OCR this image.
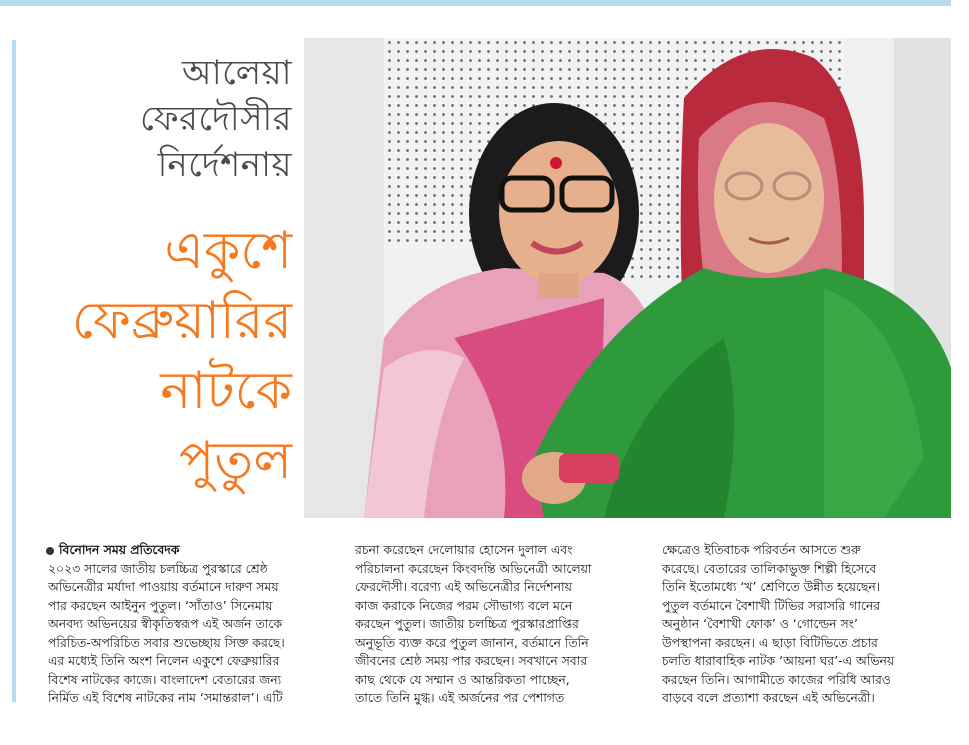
আলেয়া
ফেরদৌসীর
নির্দেশনায়
একুশে
ফেব্রুয়ারির
নাটকে
পুতুল

বিনোদন সময় প্রতিবেদক

২০২৩ সালের জাতীয় চলচ্চিত্র পুরস্কারে শ্রেষ্ঠ

অভিনেত্রীর মর্যাদা পাওয়ায় বর্তমানে দারুণ সময়

পার করছেন আইনুন পুতুল। ‘সাঁতাও’ সিনেমায়

অনবদ্য অভিনয়ের স্বীকৃতিস্বরূপ এই অর্জন তাকে

পরিচিত-অপরিচিত সবার শুভেচ্ছায় সিক্ত করছে।

এর মধ্যেই তিনি অংশ নিলেন একুশে ফেব্রুয়ারির

বিশেষ নাটকের কাজে। বাংলাদেশ বেতারের জন্য

নির্মিত এই বিশেষ নাটকের নাম ‘সমান্তরাল’। এটি

রচনা করেছেন দেলোয়ার হোসেন দুলাল এবং

পরিচালনা করেছেন কিংবদন্তি অভিনেত্রী আলেয়া

ফেরদৌসী। বরেণ্য এই অভিনেত্রীর নির্দেশনায়

কাজ করাকে নিজের পরম সৌভাগ্য বলে মনে

করছেন পুতুল। জাতীয় চলচ্চিত্র পুরস্কারপ্রাপ্তির

অনুভূতি ব্যক্ত করে পুতুল জানান, বর্তমানে তিনি

জীবনের শ্রেষ্ঠ সময় পার করছেন। সবখানে সবার

কাছ থেকে যে সম্মান ও আন্তরিকতা পাচ্ছেন,

তাতে তিনি মুগ্ধ। এই অর্জনের পর পেশাগত

ক্ষেত্রেও ইতিবাচক পরিবর্তন আসতে শুরু

করেছে। বেতারের তালিকাভুক্ত শিল্পী হিসেবে

তিনি ইতোমধ্যে ‘খ’ শ্রেণিতে উন্নীত হয়েছেন।

পুতুল বর্তমানে বৈশাখী টিভির সরাসরি গানের

অনুষ্ঠান ‘বৈশাখী ফোক’ ও ‘গোল্ডেন সং’

উপস্থাপনা করছেন। এ ছাড়া বিটিভিতে প্রচার

চলতি ধারাবাহিক নাটক ‘আয়না ঘর’-এ অভিনয়

করছেন তিনি। আগামীতে কাজের পরিধি আরও

বাড়বে বলে প্রত্যাশা করছেন এই অভিনেত্রী।
